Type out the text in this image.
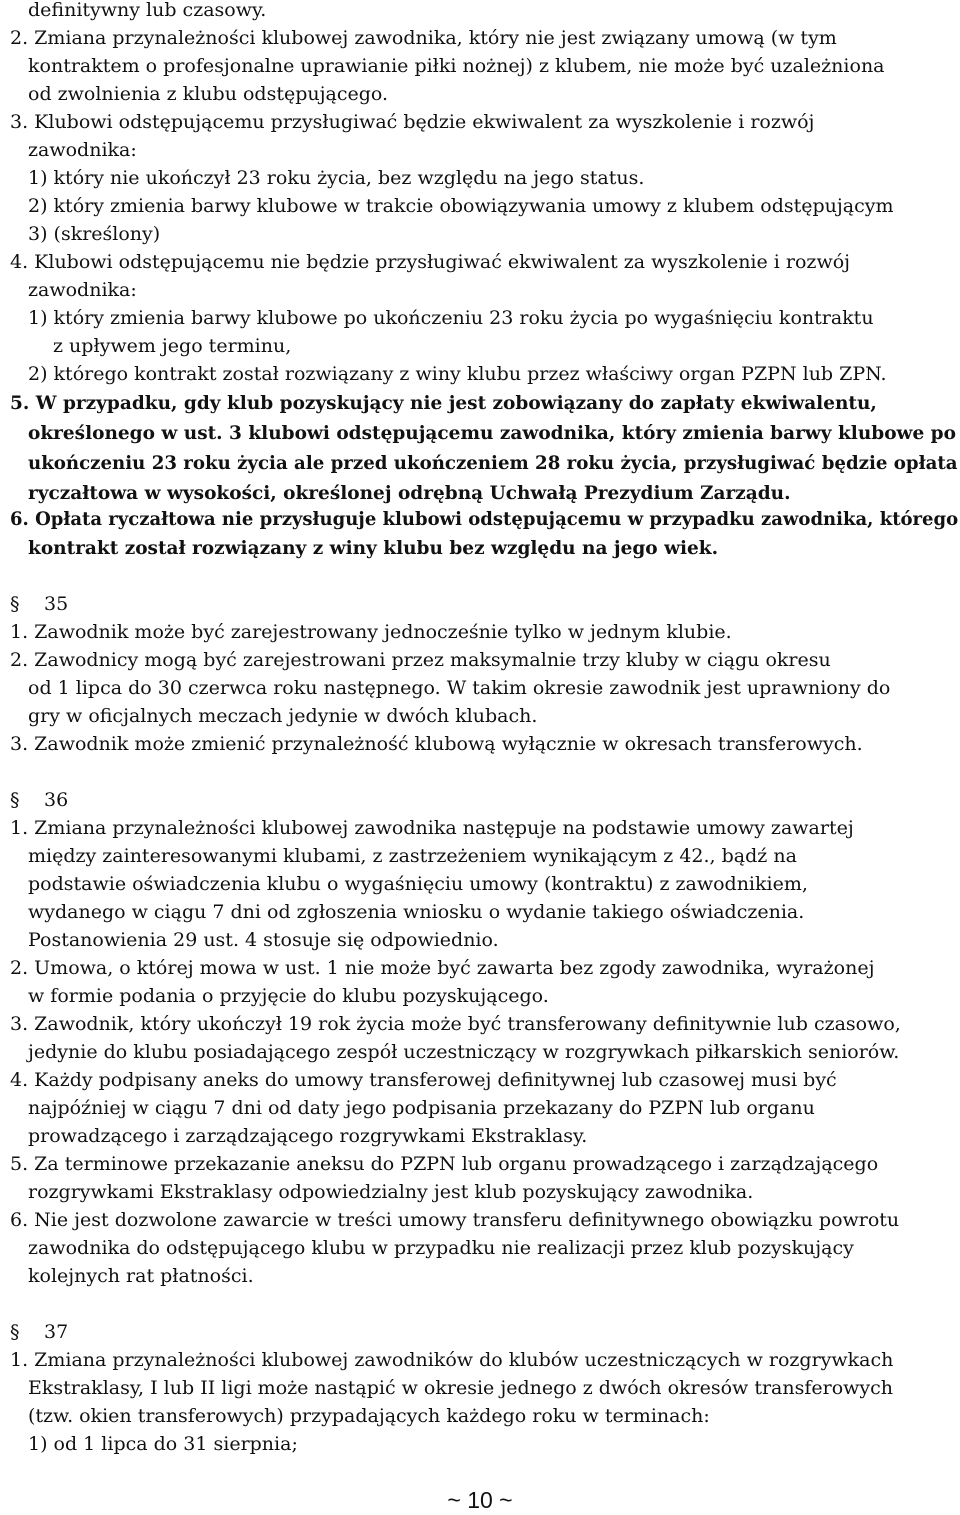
definitywny lub czasowy.
2. Zmiana przynależności klubowej zawodnika, który nie jest związany umową (w tym
kontraktem o profesjonalne uprawianie piłki nożnej) z klubem, nie może być uzależniona
od zwolnienia z klubu odstępującego.
3. Klubowi odstępującemu przysługiwać będzie ekwiwalent za wyszkolenie i rozwój
zawodnika:
1) który nie ukończył 23 roku życia, bez względu na jego status.
2) który zmienia barwy klubowe w trakcie obowiązywania umowy z klubem odstępującym
3) (skreślony)
4. Klubowi odstępującemu nie będzie przysługiwać ekwiwalent za wyszkolenie i rozwój
zawodnika:
1) który zmienia barwy klubowe po ukończeniu 23 roku życia po wygaśnięciu kontraktu
z upływem jego terminu,
2) którego kontrakt został rozwiązany z winy klubu przez właściwy organ PZPN lub ZPN.
5. W przypadku, gdy klub pozyskujący nie jest zobowiązany do zapłaty ekwiwalentu,
określonego w ust. 3 klubowi odstępującemu zawodnika, który zmienia barwy klubowe po
ukończeniu 23 roku życia ale przed ukończeniem 28 roku życia, przysługiwać będzie opłata
ryczałtowa w wysokości, określonej odrębną Uchwałą Prezydium Zarządu.
6. Opłata ryczałtowa nie przysługuje klubowi odstępującemu w przypadku zawodnika, którego
kontrakt został rozwiązany z winy klubu bez względu na jego wiek.
§ 35
1. Zawodnik może być zarejestrowany jednocześnie tylko w jednym klubie.
2. Zawodnicy mogą być zarejestrowani przez maksymalnie trzy kluby w ciągu okresu
od 1 lipca do 30 czerwca roku następnego. W takim okresie zawodnik jest uprawniony do
gry w oficjalnych meczach jedynie w dwóch klubach.
3. Zawodnik może zmienić przynależność klubową wyłącznie w okresach transferowych.
§ 36
1. Zmiana przynależności klubowej zawodnika następuje na podstawie umowy zawartej
między zainteresowanymi klubami, z zastrzeżeniem wynikającym z 42., bądź na
podstawie oświadczenia klubu o wygaśnięciu umowy (kontraktu) z zawodnikiem,
wydanego w ciągu 7 dni od zgłoszenia wniosku o wydanie takiego oświadczenia.
Postanowienia 29 ust. 4 stosuje się odpowiednio.
2. Umowa, o której mowa w ust. 1 nie może być zawarta bez zgody zawodnika, wyrażonej
w formie podania o przyjęcie do klubu pozyskującego.
3. Zawodnik, który ukończył 19 rok życia może być transferowany definitywnie lub czasowo,
jedynie do klubu posiadającego zespół uczestniczący w rozgrywkach piłkarskich seniorów.
4. Każdy podpisany aneks do umowy transferowej definitywnej lub czasowej musi być
najpóźniej w ciągu 7 dni od daty jego podpisania przekazany do PZPN lub organu
prowadzącego i zarządzającego rozgrywkami Ekstraklasy.
5. Za terminowe przekazanie aneksu do PZPN lub organu prowadzącego i zarządzającego
rozgrywkami Ekstraklasy odpowiedzialny jest klub pozyskujący zawodnika.
6. Nie jest dozwolone zawarcie w treści umowy transferu definitywnego obowiązku powrotu
zawodnika do odstępującego klubu w przypadku nie realizacji przez klub pozyskujący
kolejnych rat płatności.
§ 37
1. Zmiana przynależności klubowej zawodników do klubów uczestniczących w rozgrywkach
Ekstraklasy, I lub II ligi może nastąpić w okresie jednego z dwóch okresów transferowych
(tzw. okien transferowych) przypadających każdego roku w terminach:
1) od 1 lipca do 31 sierpnia;
~ 10 ~
